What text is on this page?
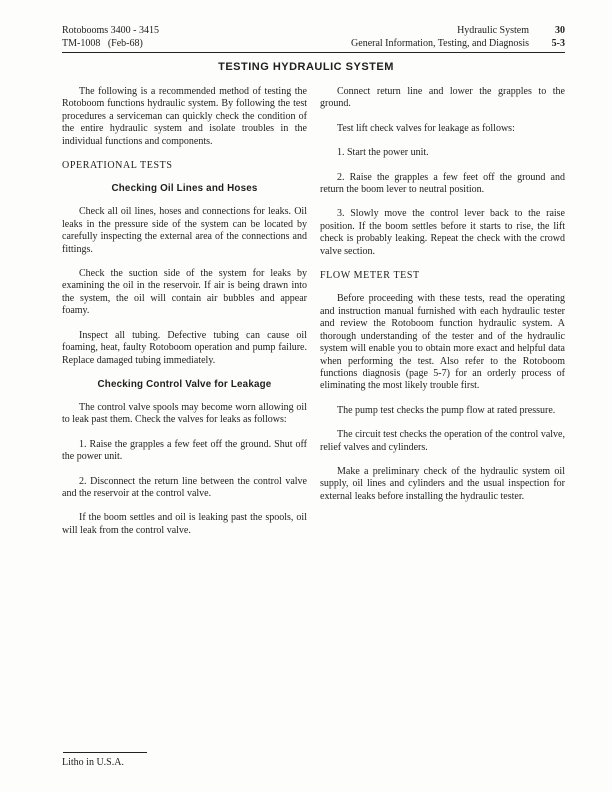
Rotobooms 3400 - 3415
TM-1008   (Feb-68)
Hydraulic System	30
General Information, Testing, and Diagnosis	5-3
TESTING HYDRAULIC SYSTEM

The following is a recommended method of testing the Rotoboom functions hydraulic system. By following the test procedures a serviceman can quickly check the condition of the entire hydraulic system and isolate troubles in the individual functions and components.

OPERATIONAL TESTS

Checking Oil Lines and Hoses

Check all oil lines, hoses and connections for leaks. Oil leaks in the pressure side of the system can be located by carefully inspecting the external area of the connections and fittings.

Check the suction side of the system for leaks by examining the oil in the reservoir. If air is being drawn into the system, the oil will contain air bubbles and appear foamy.

Inspect all tubing. Defective tubing can cause oil foaming, heat, faulty Rotoboom operation and pump failure. Replace damaged tubing immediately.

Checking Control Valve for Leakage

The control valve spools may become worn allowing oil to leak past them. Check the valves for leaks as follows:

1. Raise the grapples a few feet off the ground. Shut off the power unit.

2. Disconnect the return line between the control valve and the reservoir at the control valve.

If the boom settles and oil is leaking past the spools, oil will leak from the control valve.

Connect return line and lower the grapples to the ground.

Test lift check valves for leakage as follows:

1. Start the power unit.

2. Raise the grapples a few feet off the ground and return the boom lever to neutral position.

3. Slowly move the control lever back to the raise position. If the boom settles before it starts to rise, the lift check is probably leaking. Repeat the check with the crowd valve section.

FLOW METER TEST

Before proceeding with these tests, read the operating and instruction manual furnished with each hydraulic tester and review the Rotoboom function hydraulic system. A thorough understanding of the tester and of the hydraulic system will enable you to obtain more exact and helpful data when performing the test. Also refer to the Rotoboom functions diagnosis (page 5-7) for an orderly process of eliminating the most likely trouble first.

The pump test checks the pump flow at rated pressure.

The circuit test checks the operation of the control valve, relief valves and cylinders.

Make a preliminary check of the hydraulic system oil supply, oil lines and cylinders and the usual inspection for external leaks before installing the hydraulic tester.

Litho in U.S.A.
